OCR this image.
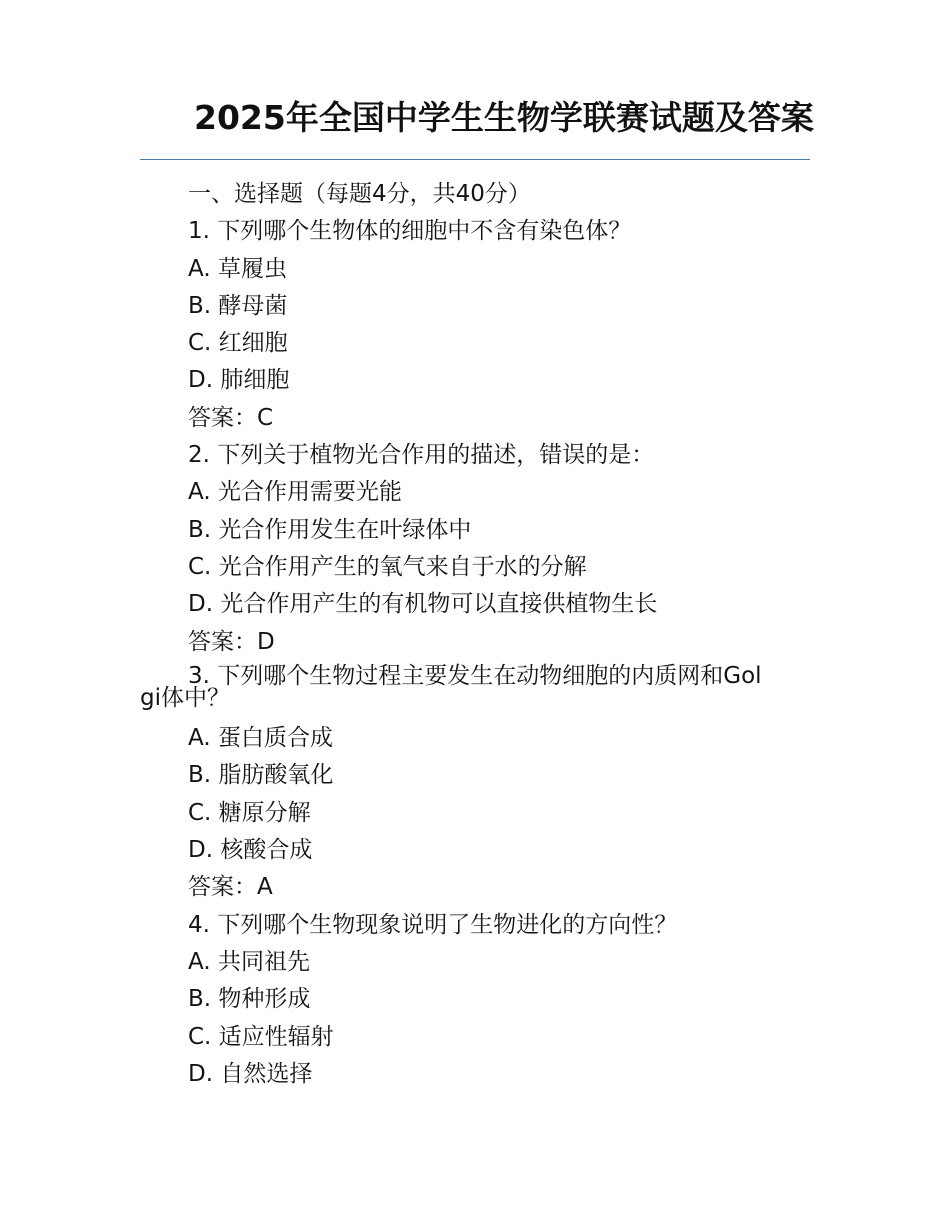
2025年全国中学生生物学联赛试题及答案
一、选择题（每题4分，共40分）
1. 下列哪个生物体的细胞中不含有染色体？
A. 草履虫
B. 酵母菌
C. 红细胞
D. 肺细胞
答案：C
2. 下列关于植物光合作用的描述，错误的是：
A. 光合作用需要光能
B. 光合作用发生在叶绿体中
C. 光合作用产生的氧气来自于水的分解
D. 光合作用产生的有机物可以直接供植物生长
答案：D
3. 下列哪个生物过程主要发生在动物细胞的内质网和Golgi体中？
A. 蛋白质合成
B. 脂肪酸氧化
C. 糖原分解
D. 核酸合成
答案：A
4. 下列哪个生物现象说明了生物进化的方向性？
A. 共同祖先
B. 物种形成
C. 适应性辐射
D. 自然选择
